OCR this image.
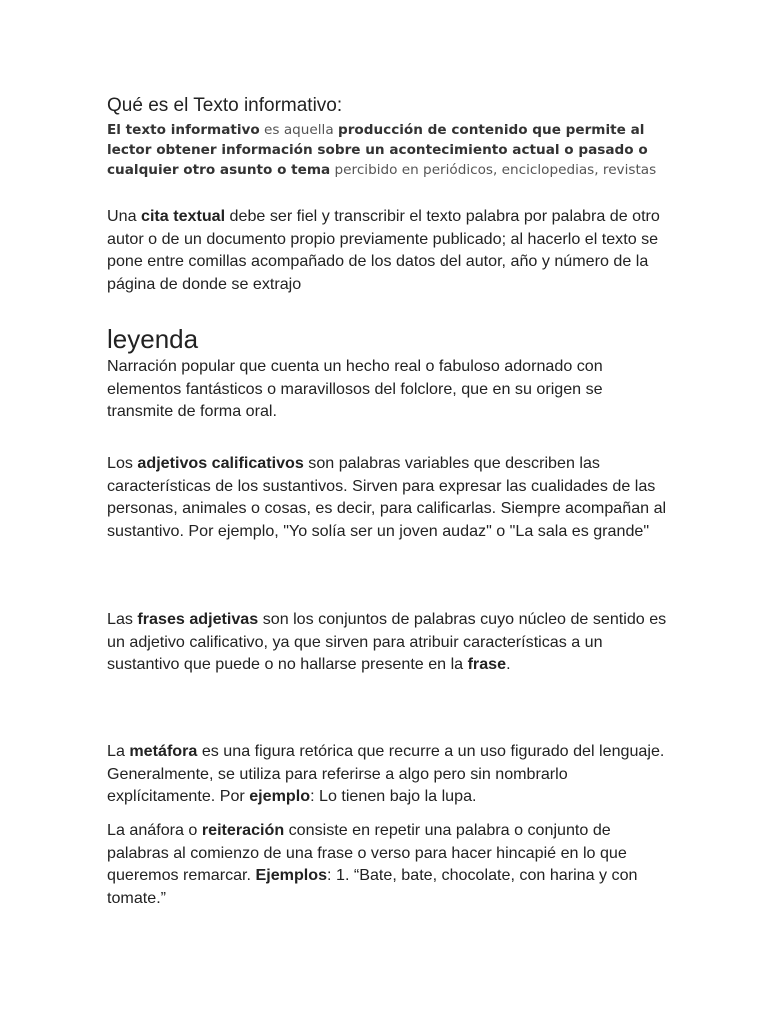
Qué es el Texto informativo:
El texto informativo es aquella producción de contenido que permite al lector obtener información sobre un acontecimiento actual o pasado o cualquier otro asunto o tema percibido en periódicos, enciclopedias, revistas
Una cita textual debe ser fiel y transcribir el texto palabra por palabra de otro autor o de un documento propio previamente publicado; al hacerlo el texto se pone entre comillas acompañado de los datos del autor, año y número de la página de donde se extrajo
leyenda
Narración popular que cuenta un hecho real o fabuloso adornado con elementos fantásticos o maravillosos del folclore, que en su origen se transmite de forma oral.
Los adjetivos calificativos son palabras variables que describen las características de los sustantivos. Sirven para expresar las cualidades de las personas, animales o cosas, es decir, para calificarlas. Siempre acompañan al sustantivo. Por ejemplo, "Yo solía ser un joven audaz" o "La sala es grande"
Las frases adjetivas son los conjuntos de palabras cuyo núcleo de sentido es un adjetivo calificativo, ya que sirven para atribuir características a un sustantivo que puede o no hallarse presente en la frase.
La metáfora es una figura retórica que recurre a un uso figurado del lenguaje. Generalmente, se utiliza para referirse a algo pero sin nombrarlo explícitamente. Por ejemplo: Lo tienen bajo la lupa.
La anáfora o reiteración consiste en repetir una palabra o conjunto de palabras al comienzo de una frase o verso para hacer hincapié en lo que queremos remarcar. Ejemplos: 1. “Bate, bate, chocolate, con harina y con tomate.”
